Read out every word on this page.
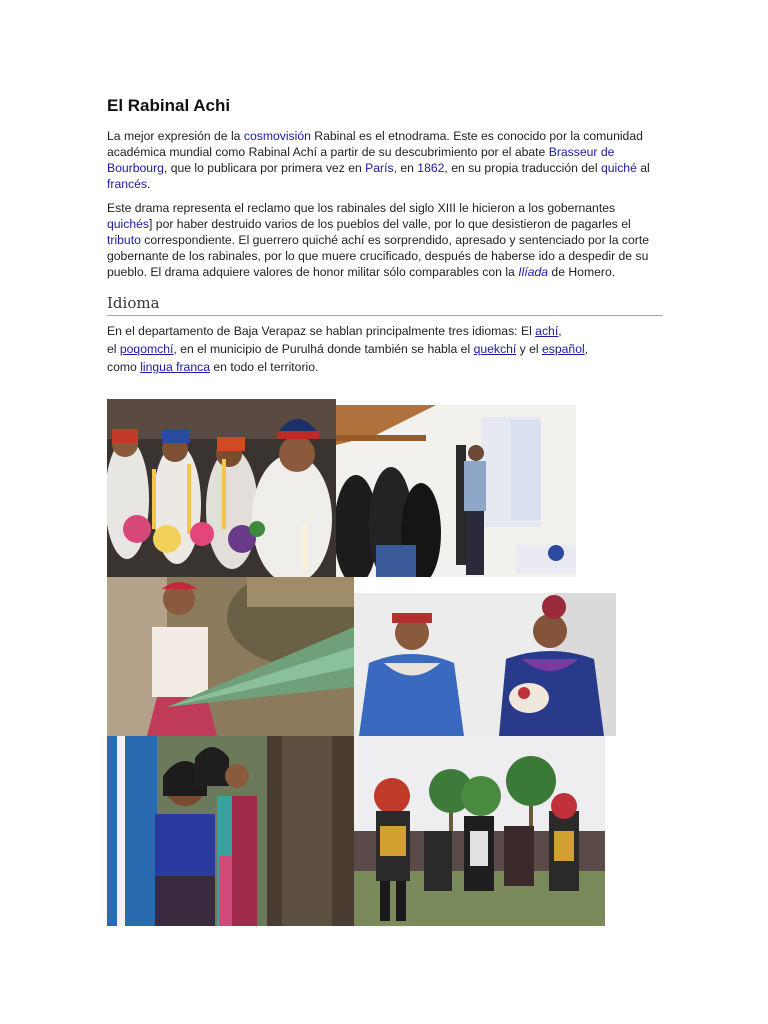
El Rabinal Achi

La mejor expresión de la cosmovisión Rabinal es el etnodrama. Este es conocido por la comunidad académica mundial como Rabinal Achí a partir de su descubrimiento por el abate Brasseur de Bourbourg, que lo publicara por primera vez en París, en 1862, en su propia traducción del quiché al francés.

Este drama representa el reclamo que los rabinales del siglo XIII le hicieron a los gobernantes quichés] por haber destruido varios de los pueblos del valle, por lo que desistieron de pagarles el tributo correspondiente. El guerrero quiché achí es sorprendido, apresado y sentenciado por la corte gobernante de los rabinales, por lo que muere crucificado, después de haberse ido a despedir de su pueblo. El drama adquiere valores de honor militar sólo comparables con la Ilíada de Homero.

Idioma

En el departamento de Baja Verapaz se hablan principalmente tres idiomas: El achí,
el poqomchí, en el municipio de Purulhá donde también se habla el quekchí y el español,
como lingua franca en todo el territorio.
